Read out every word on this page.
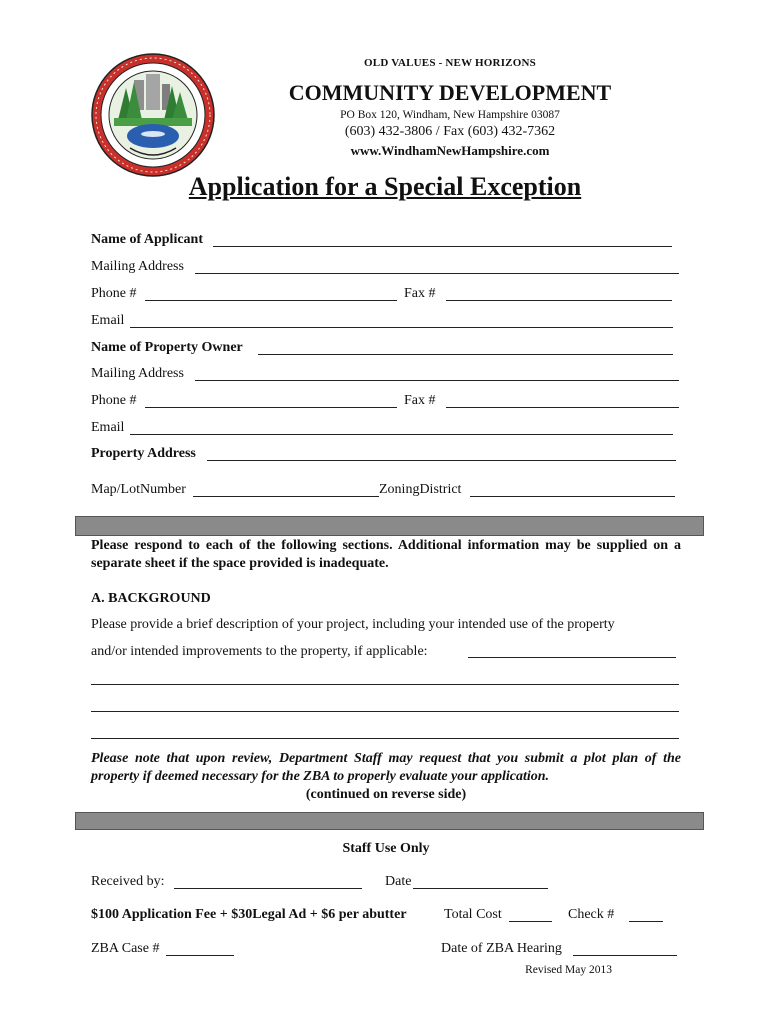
OLD VALUES - NEW HORIZONS
COMMUNITY DEVELOPMENT
PO Box 120, Windham, New Hampshire 03087
(603) 432-3806 / Fax (603) 432-7362
www.WindhamNewHampshire.com
Application for a Special Exception
Name of Applicant
Mailing Address
Phone #	Fax #
Email
Name of Property Owner
Mailing Address
Phone #	Fax #
Email
Property Address
Map/LotNumber	ZoningDistrict
Please respond to each of the following sections. Additional information may be supplied on a separate sheet if the space provided is inadequate.
A. BACKGROUND
Please provide a brief description of your project, including your intended use of the property
and/or intended improvements to the property, if applicable:
Please note that upon review, Department Staff may request that you submit a plot plan of the property if deemed necessary for the ZBA to properly evaluate your application.
(continued on reverse side)
Staff Use Only
Received by:	Date
$100 Application Fee + $30Legal Ad + $6 per abutter	Total Cost	Check #
ZBA Case #	Date of ZBA Hearing
Revised May 2013
